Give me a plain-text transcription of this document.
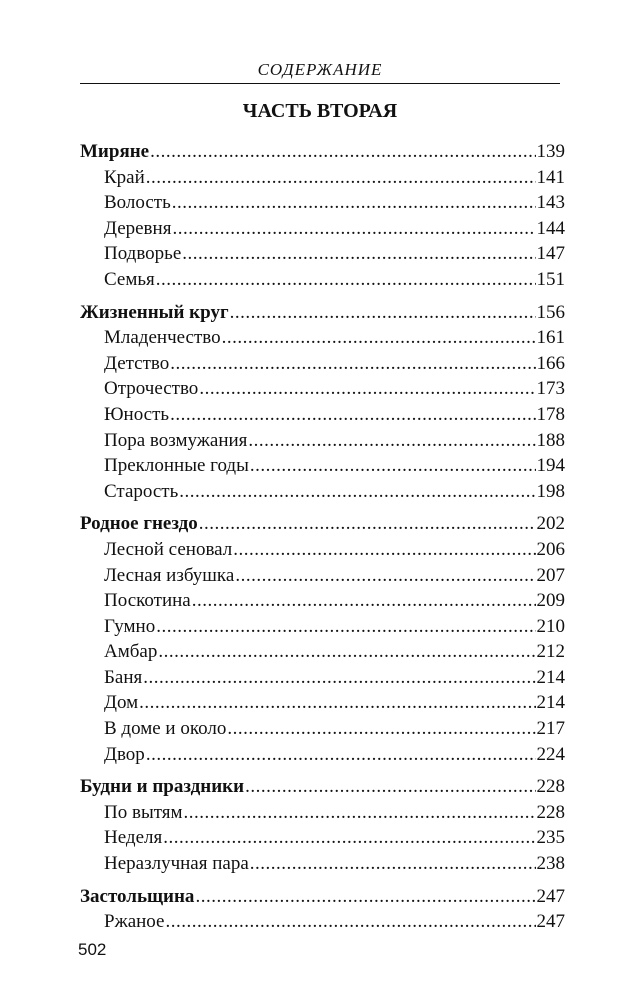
СОДЕРЖАНИЕ
ЧАСТЬ ВТОРАЯ
Миряне .....	139
Край .....	141
Волость .....	143
Деревня .....	144
Подворье .....	147
Семья .....	151
Жизненный круг .....	156
Младенчество .....	161
Детство .....	166
Отрочество .....	173
Юность .....	178
Пора возмужания .....	188
Преклонные годы .....	194
Старость .....	198
Родное гнездо .....	202
Лесной сеновал .....	206
Лесная избушка .....	207
Поскотина .....	209
Гумно .....	210
Амбар .....	212
Баня .....	214
Дом .....	214
В доме и около .....	217
Двор .....	224
Будни и праздники .....	228
По вытям .....	228
Неделя .....	235
Неразлучная пара .....	238
Застольщина .....	247
Ржаное .....	247
502
